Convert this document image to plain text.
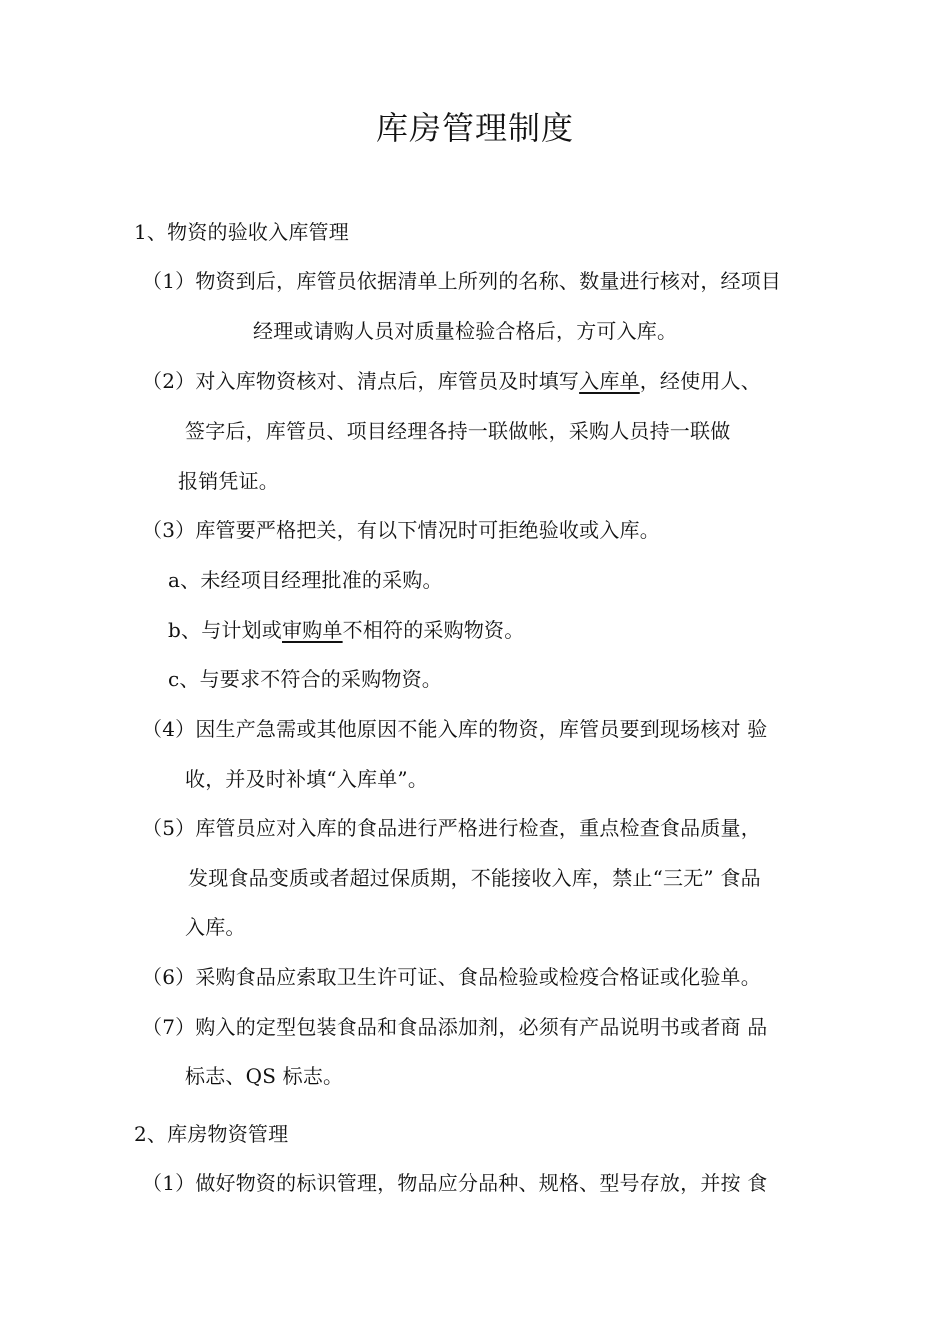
库房管理制度
1、物资的验收入库管理
（1）物资到后，库管员依据清单上所列的名称、数量进行核对，经项目
经理或请购人员对质量检验合格后，方可入库。
（2）对入库物资核对、清点后，库管员及时填写入库单，经使用人、
签字后，库管员、项目经理各持一联做帐，采购人员持一联做
报销凭证。
（3）库管要严格把关，有以下情况时可拒绝验收或入库。
a、未经项目经理批准的采购。
b、与计划或审购单不相符的采购物资。
c、与要求不符合的采购物资。
（4）因生产急需或其他原因不能入库的物资，库管员要到现场核对 验
收，并及时补填“入库单”。
（5）库管员应对入库的食品进行严格进行检查，重点检查食品质量，
发现食品变质或者超过保质期，不能接收入库，禁止“三无” 食品
入库。
（6）采购食品应索取卫生许可证、食品检验或检疫合格证或化验单。
（7）购入的定型包装食品和食品添加剂，必须有产品说明书或者商 品
标志、QS 标志。
2、库房物资管理
（1）做好物资的标识管理，物品应分品种、规格、型号存放，并按 食
